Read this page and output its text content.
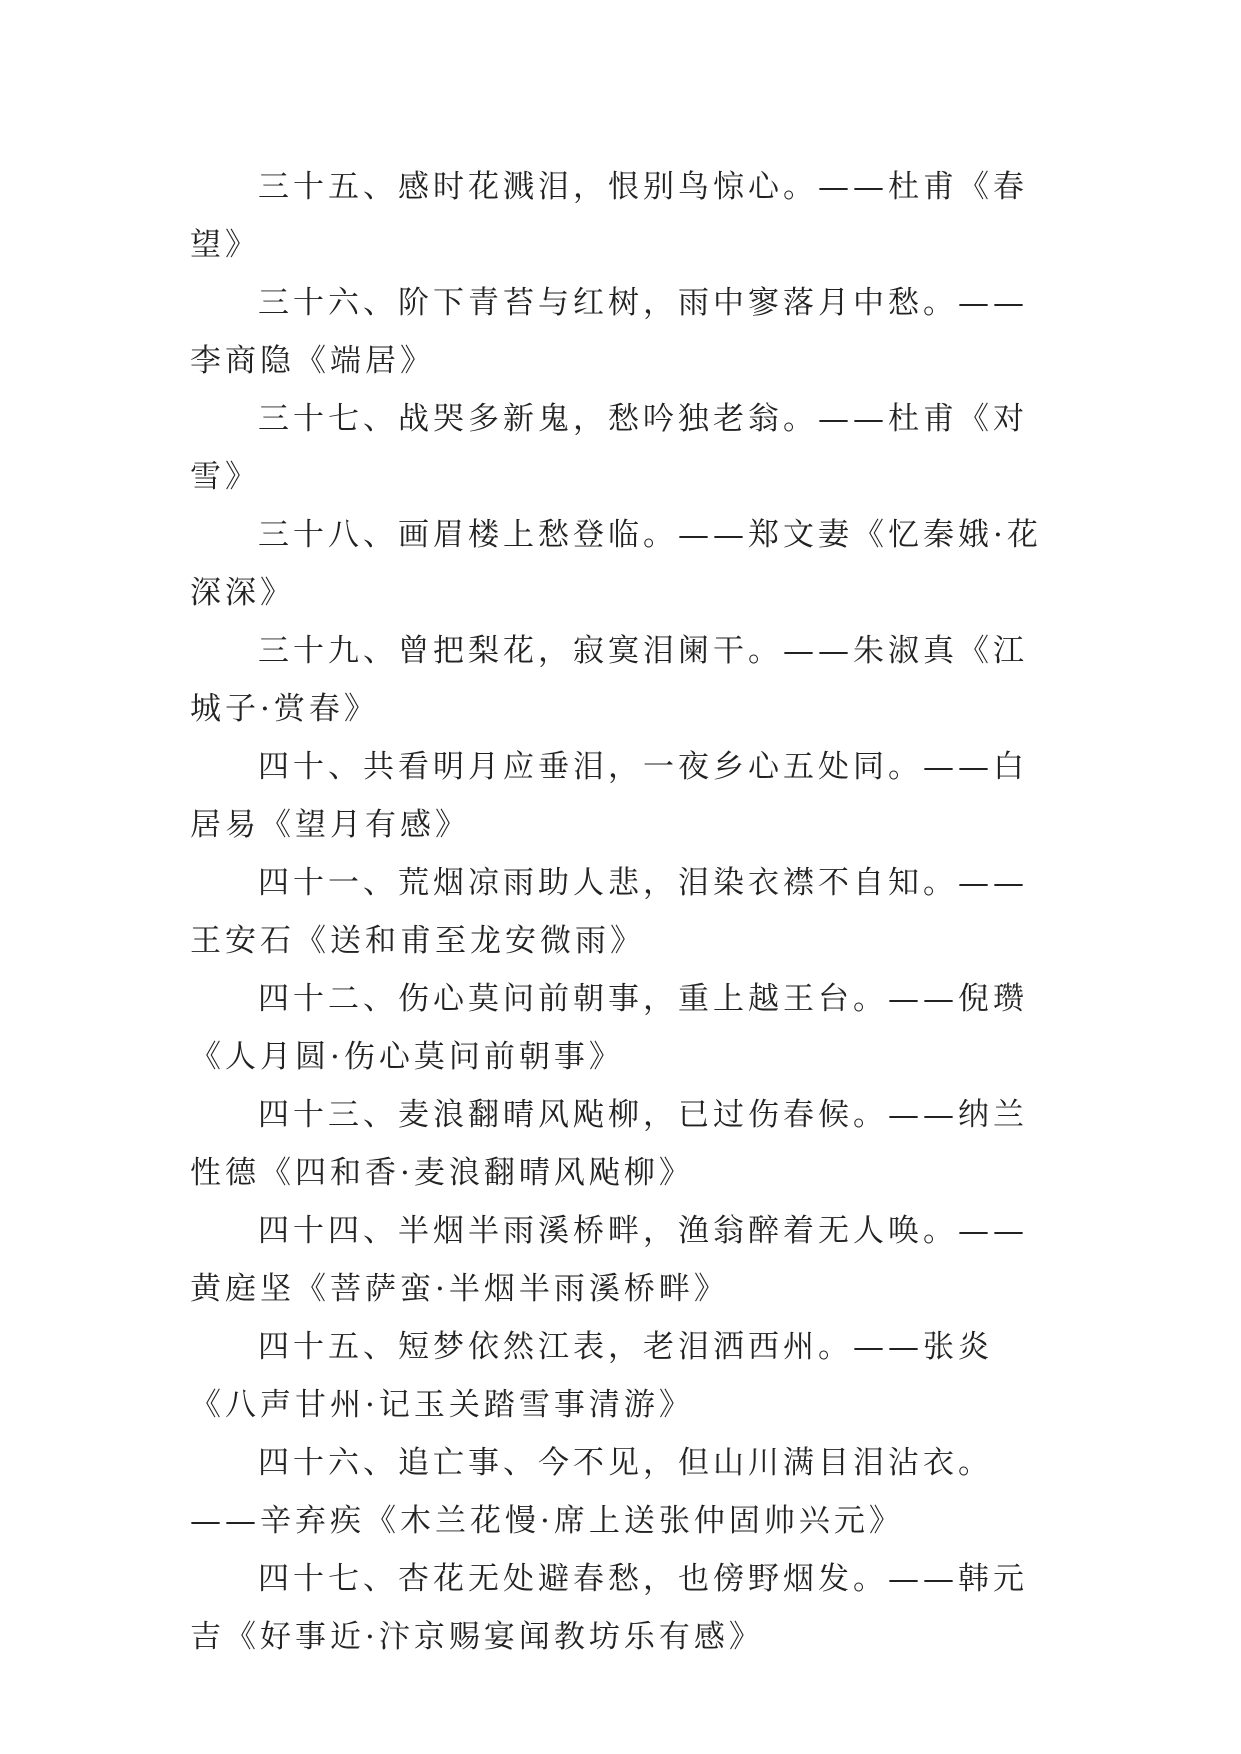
三十五、感时花溅泪，恨别鸟惊心。——杜甫《春望》

三十六、阶下青苔与红树，雨中寥落月中愁。——李商隐《端居》

三十七、战哭多新鬼，愁吟独老翁。——杜甫《对雪》

三十八、画眉楼上愁登临。——郑文妻《忆秦娥·花深深》

三十九、曾把梨花，寂寞泪阑干。——朱淑真《江城子·赏春》

四十、共看明月应垂泪，一夜乡心五处同。——白居易《望月有感》

四十一、荒烟凉雨助人悲，泪染衣襟不自知。——王安石《送和甫至龙安微雨》

四十二、伤心莫问前朝事，重上越王台。——倪瓒《人月圆·伤心莫问前朝事》

四十三、麦浪翻晴风飐柳，已过伤春候。——纳兰性德《四和香·麦浪翻晴风飐柳》

四十四、半烟半雨溪桥畔，渔翁醉着无人唤。——黄庭坚《菩萨蛮·半烟半雨溪桥畔》

四十五、短梦依然江表，老泪洒西州。——张炎《八声甘州·记玉关踏雪事清游》

四十六、追亡事、今不见，但山川满目泪沾衣。——辛弃疾《木兰花慢·席上送张仲固帅兴元》

四十七、杏花无处避春愁，也傍野烟发。——韩元吉《好事近·汴京赐宴闻教坊乐有感》
